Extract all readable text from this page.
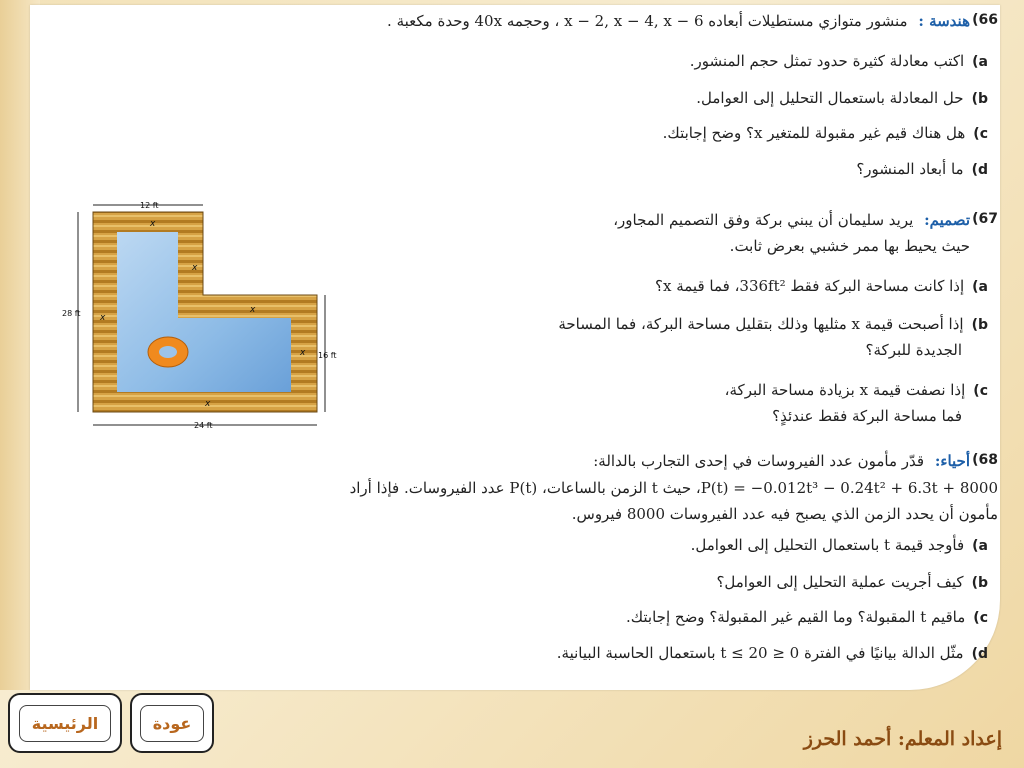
66)
هندسة : منشور متوازي مستطيلات أبعاده x − 2, x − 4, x − 6 ، وحجمه 40x وحدة مكعبة .
a)اكتب معادلة كثيرة حدود تمثل حجم المنشور.
b)حل المعادلة باستعمال التحليل إلى العوامل.
c)هل هناك قيم غير مقبولة للمتغير x؟ وضح إجابتك.
d)ما أبعاد المنشور؟
67)
تصميم: يريد سليمان أن يبني بركة وفق التصميم المجاور،
حيث يحيط بها ممر خشبي بعرض ثابت.
a)إذا كانت مساحة البركة فقط 336ft²، فما قيمة x؟
b)إذا أصبحت قيمة x مثليها وذلك بتقليل مساحة البركة، فما المساحة
الجديدة للبركة؟
c)إذا نصفت قيمة x بزيادة مساحة البركة،
فما مساحة البركة فقط عندئذٍ؟
68)
أحياء: قدّر مأمون عدد الفيروسات في إحدى التجارب بالدالة:
P(t) = −0.012t³ − 0.24t² + 6.3t + 8000، حيث t الزمن بالساعات، P(t) عدد الفيروسات. فإذا أراد
مأمون أن يحدد الزمن الذي يصبح فيه عدد الفيروسات 8000 فيروس.
a)فأوجد قيمة t باستعمال التحليل إلى العوامل.
b)كيف أجريت عملية التحليل إلى العوامل؟
c)ماقيم t المقبولة؟ وما القيم غير المقبولة؟ وضح إجابتك.
d)مثّل الدالة بيانيًا في الفترة 0 ≤ t ≤ 20 باستعمال الحاسبة البيانية.
x
x
x
x
x
x
12 ft
28 ft
16 ft
24 ft
الرئيسية	عودة
إعداد المعلم: أحمد الحرز
